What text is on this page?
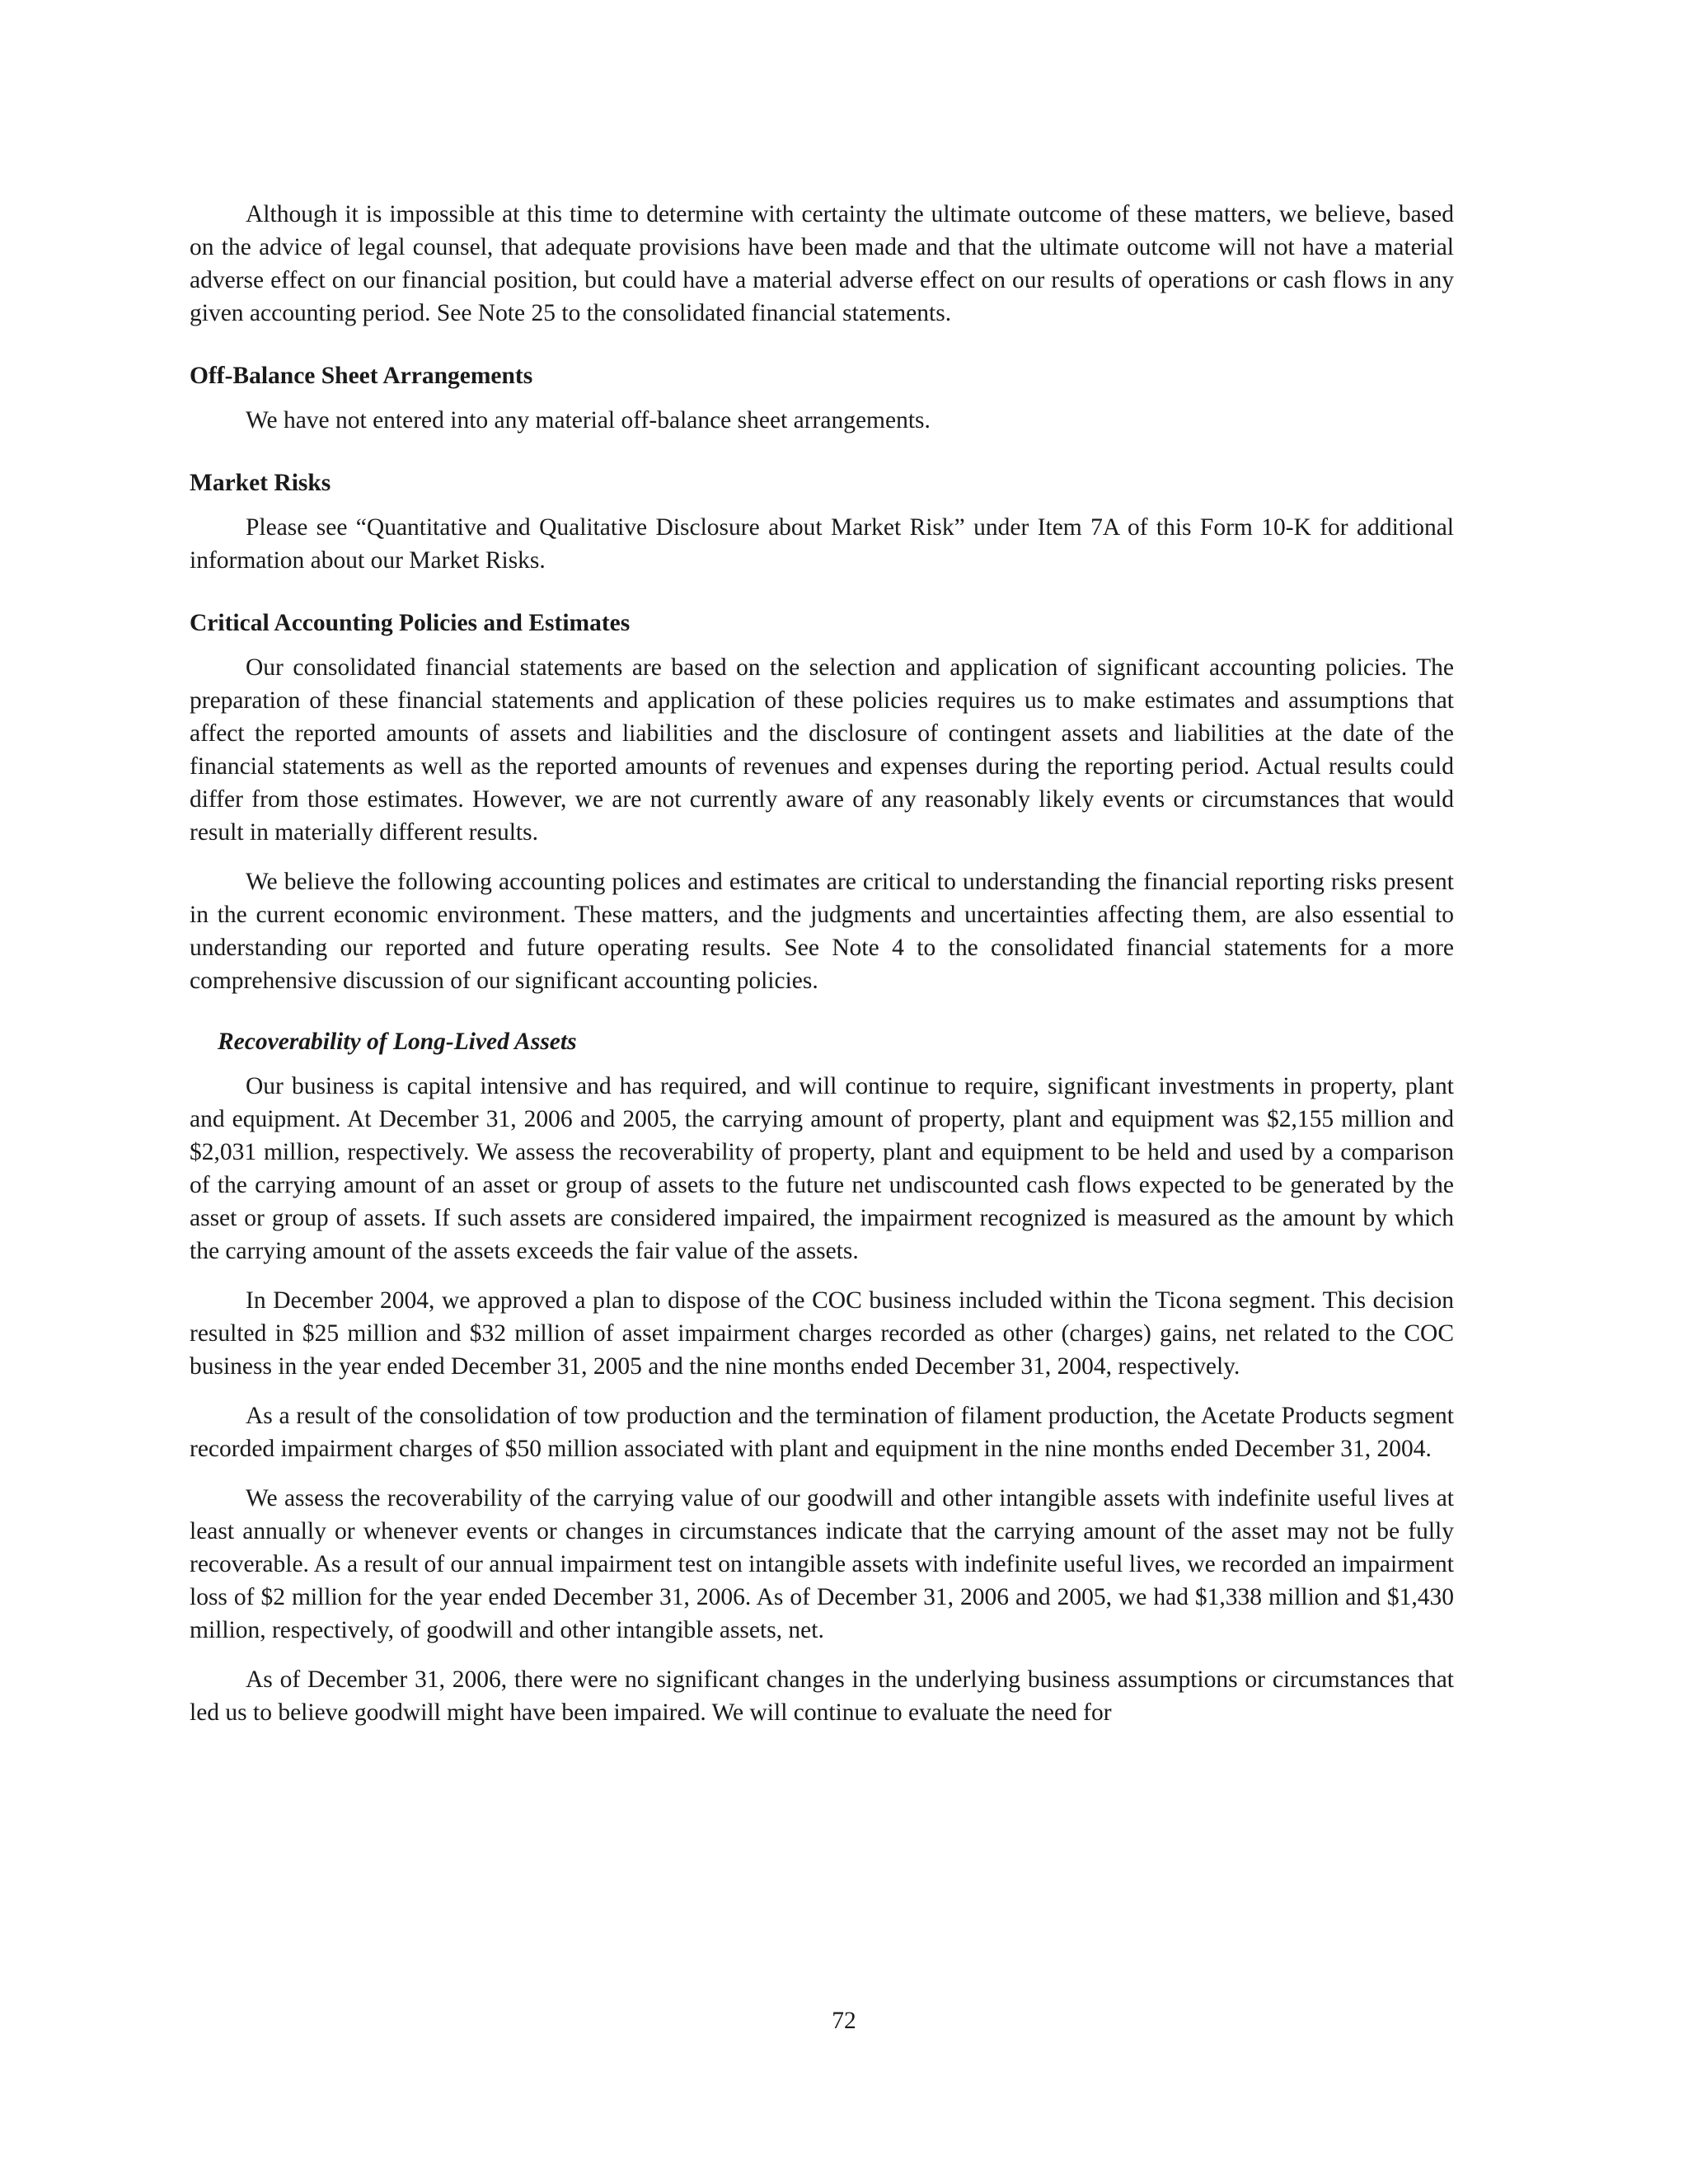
Although it is impossible at this time to determine with certainty the ultimate outcome of these matters, we believe, based on the advice of legal counsel, that adequate provisions have been made and that the ultimate outcome will not have a material adverse effect on our financial position, but could have a material adverse effect on our results of operations or cash flows in any given accounting period. See Note 25 to the consolidated financial statements.

Off-Balance Sheet Arrangements

We have not entered into any material off-balance sheet arrangements.

Market Risks

Please see “Quantitative and Qualitative Disclosure about Market Risk” under Item 7A of this Form 10-K for additional information about our Market Risks.

Critical Accounting Policies and Estimates

Our consolidated financial statements are based on the selection and application of significant accounting policies. The preparation of these financial statements and application of these policies requires us to make estimates and assumptions that affect the reported amounts of assets and liabilities and the disclosure of contingent assets and liabilities at the date of the financial statements as well as the reported amounts of revenues and expenses during the reporting period. Actual results could differ from those estimates. However, we are not currently aware of any reasonably likely events or circumstances that would result in materially different results.

We believe the following accounting polices and estimates are critical to understanding the financial reporting risks present in the current economic environment. These matters, and the judgments and uncertainties affecting them, are also essential to understanding our reported and future operating results. See Note 4 to the consolidated financial statements for a more comprehensive discussion of our significant accounting policies.

Recoverability of Long-Lived Assets

Our business is capital intensive and has required, and will continue to require, significant investments in property, plant and equipment. At December 31, 2006 and 2005, the carrying amount of property, plant and equipment was $2,155 million and $2,031 million, respectively. We assess the recoverability of property, plant and equipment to be held and used by a comparison of the carrying amount of an asset or group of assets to the future net undiscounted cash flows expected to be generated by the asset or group of assets. If such assets are considered impaired, the impairment recognized is measured as the amount by which the carrying amount of the assets exceeds the fair value of the assets.

In December 2004, we approved a plan to dispose of the COC business included within the Ticona segment. This decision resulted in $25 million and $32 million of asset impairment charges recorded as other (charges) gains, net related to the COC business in the year ended December 31, 2005 and the nine months ended December 31, 2004, respectively.

As a result of the consolidation of tow production and the termination of filament production, the Acetate Products segment recorded impairment charges of $50 million associated with plant and equipment in the nine months ended December 31, 2004.

We assess the recoverability of the carrying value of our goodwill and other intangible assets with indefinite useful lives at least annually or whenever events or changes in circumstances indicate that the carrying amount of the asset may not be fully recoverable. As a result of our annual impairment test on intangible assets with indefinite useful lives, we recorded an impairment loss of $2 million for the year ended December 31, 2006. As of December 31, 2006 and 2005, we had $1,338 million and $1,430 million, respectively, of goodwill and other intangible assets, net.

As of December 31, 2006, there were no significant changes in the underlying business assumptions or circumstances that led us to believe goodwill might have been impaired. We will continue to evaluate the need for

72
